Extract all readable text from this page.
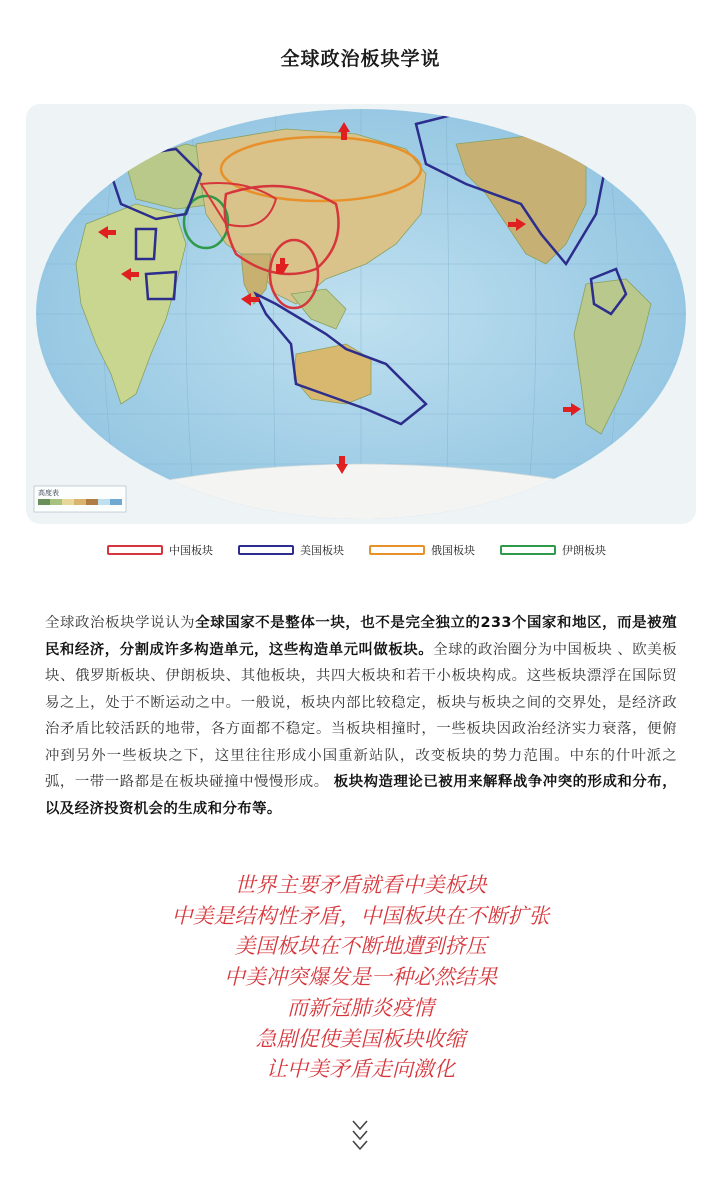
全球政治板块学说
高度表
中国板块	美国板块	俄国板块	伊朗板块
全球政治板块学说认为全球国家不是整体一块，也不是完全独立的233个国家和地区，而是被殖民和经济，分割成许多构造单元，这些构造单元叫做板块。全球的政治圈分为中国板块 、欧美板块、俄罗斯板块、伊朗板块、其他板块，共四大板块和若干小板块构成。这些板块漂浮在国际贸易之上，处于不断运动之中。一般说，板块内部比较稳定，板块与板块之间的交界处，是经济政治矛盾比较活跃的地带，各方面都不稳定。当板块相撞时，一些板块因政治经济实力衰落，便俯冲到另外一些板块之下，这里往往形成小国重新站队，改变板块的势力范围。中东的什叶派之弧，一带一路都是在板块碰撞中慢慢形成。 板块构造理论已被用来解释战争冲突的形成和分布，以及经济投资机会的生成和分布等。
世界主要矛盾就看中美板块
中美是结构性矛盾，中国板块在不断扩张
美国板块在不断地遭到挤压
中美冲突爆发是一种必然结果
而新冠肺炎疫情
急剧促使美国板块收缩
让中美矛盾走向激化
